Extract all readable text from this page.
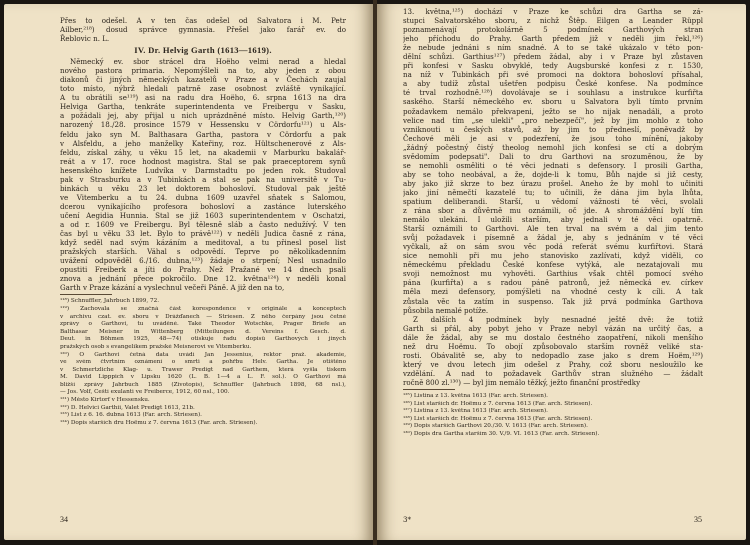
Přes to odešel. A v ten čas odešel od Salvatora i M. Petr
Ailber,²¹⁸) dosud správce gymnasia. Přešel jako farář ev. do
Řeblovic n. L.
IV. Dr. Helvig Garth (1613—1619).
Německý ev. sbor strácel dra Hoëho velmi nerad a hledal
nového pastora primaria. Nepomýšleli na to, aby jeden z obou
diakonů či jiných německých kazatelů v Praze a v Čechách zaujal
toto místo, nýbrž hledali patrně zase osobnost zvláště vynikající.
A tu obrátili se¹¹⁹) asi na radu dra Hoëho, 6. srpna 1613 na dra
Helviga Gartha, tenkráte superintendenta ve Freibergu v Sasku,
a požádali jej, aby přijal u nich uprázdněné místo. Helvig Garth,¹²⁰)
narozený 18./28. prosince 1579 v Hessensku v Cördorfu¹²¹) u Als-
feldu jako syn M. Balthasara Gartha, pastora v Cördorfu a pak
v Alsfeldu, a jeho manželky Kateřiny, roz. Hültschenerové z Als-
feldu, získal záhy, u věku 15 let, na akademii v Marburku bakalář-
reát a v 17. roce hodnost magistra. Stal se pak praeceptorem synů
hesenského knížete Ludvíka v Darmstadtu po jeden rok. Studoval
pak v Strasburku a v Tubinkách a stal se pak na universitě v Tu-
binkách u věku 23 let doktorem bohosloví. Studoval pak ještě
ve Vitemberku a tu 24. dubna 1609 uzavřel sňatek s Salomou,
dcerou vynikajícího profesora bohosloví a zastánce luterského
učení Aegidia Hunnia. Stal se již 1603 superintendentem v Oschatzi,
a od r. 1609 ve Freibergu. Byl tělesně sláb a často nedužívý. V ten
čas byl u věku 33 let. Bylo to právě¹²²) v neděli Judica časně z rána,
když seděl nad svým kázáním a meditoval, a tu přinesl posel list
pražských starších. Váhal s odpovědí. Teprve po několikadenním
uvážení odpověděl 6./16. dubna,¹²³) žádaje o strpení; Nesl usnadnilo
opustiti Freiberk a jíti do Prahy. Než Pražané ve 14 dnech psali
znova a jednání přece pokročilo. Dne 12. května¹²⁴) v neděli konal
Garth v Praze kázání a vyslechnul večeři Páně. A již den na to,
¹¹⁸) Schnuffler, Jahrbuch 1899, 72.
¹¹⁹) Zachovala se značná část korespondence v originále a konceptech
v archivu czat. ev. sboru v Drážďanech — Striesen. Z něho čerpány jsou četné
zprávy o Garthovi, tu uváděné. Také Theodor Wotschke, Prager Briefe an
Balthasar Meisner in Wittenberg (Mitteilungen d. Vereins f. Gesch. d.
Deut. in Böhmen 1925, 48—74) otiskuje řadu dopisů Garthových i jiných
pražských osob s evangelíkem pražské Meisnerovi ve Vitemberku.
¹²⁰) O Garthovi četná data uvádí Jan Jessenius, rektor praž. akademie,
ve svém čtvrtním oznámení o smrti a pohřbu Helv. Gartha. Je otištěno
v Schmertzliche Klag- u. Trawer Predigt nad Garthem, která vyšla tiskem
M. David Lipppich v Lipsku 1620 (L. B. 1—4 a L. F. sol.). O Garthovi má
bližší zprávy Jahrbuch 1885 (Životopis), Schnuffler (Jahrbuch 1898, 68 nsl.),
— Jos. Volf, Čeští exulanti ve Freiberce, 1912, 60 nsl., 100.
¹²¹) Město Kirtorf v Hessensku.
¹²²) D. Helvici Garthii, Valet Predigt 1613, 21b.
¹²³) List z 6. 16. dubna 1613 (Far. arch. Striesen).
¹²⁴) Dopis starších dru Hoëmu z 7. června 1613 (Far. arch. Striesen).
34
13. května,¹²⁵) dochází v Praze ke schůzi dra Gartha se zá-
stupci Salvatorského sboru, z nichž Štěp. Eilgen a Leander Rüppl
poznamenávají protokolárně 5 podmínek Garthových stran
jeho příchodu do Prahy. Garth předem již v neděli jim řekl,¹²⁶)
že nebude jednáni s ním snadné. A to se také ukázalo v této pon-
dělní schůzi. Garthius¹²⁷) předem žádal, aby i v Praze byl zůstaven
při konfesi v Sasku obvyklé, tedy Augsburské konfesi z r. 1530,
na níž v Tubinkách při své promoci na doktora bohosloví přísahal,
a aby tudíž zůstal ušetřen podpisu České konfese. Na podmínce
té trval rozhodně.¹²⁸) dovolávaje se i souhlasu a instrukce kurfiřta
saského. Starší německého ev. sboru u Salvatora byli tímto prvním
požadavkem nemálo překvapeni, ježto se ho nijak nenadáli, a proto
velice nad tím „se ulekli" „pro nebezpečí", jež by jim mohlo z toho
vzniknouti u českých stavů, až by jim to předneslí, poněvadž by
Čechové měli je asi v podezření, že jsou toho mínění, jakoby
„žádný počestný čistý theolog nemohl jich konfesi se ctí a dobrým
svědomím podepsati". Dali to dru Garthovi na srozuměnou, že by
se nemohli osměliti o té věci jednati s defensory. I prosili Gartha,
aby se toho neobával, a že, dojde-li k tomu, Bůh najde si již cesty,
aby jako již skrze to bez úrazu prošel. Aneho že by mohl to učiniti
jako jiní němečtí kazatelé tu; to učinili, že dána jim byla lhůta,
spatium deliberandi. Starší, u vědomí vážnosti té věci, svolali
z rána sbor a důvěrně mu oznámili, oč jde. A shromáždění bylí tím
nemálo ulekáni. I uložili starším, aby jednali v té věci opatrně.
Starší oznámili to Garthovi. Ale ten trval na svém a dal jim tento
svůj požadavek i písemně a žádal je, aby s jednáním v té věci
vyčkali, až on sám svou věc podá referát svému kurfiřtovi. Stará
sice nemohli při mu jeho stanovisko zazlívati, když viděli, co
německému překladu České konfese vytýká, ale nezatajovali mu
svoji nemožnost mu vyhověti. Garthius však chtěl pomocí svého
pána (kurfiřta) a s radou páně patronů, jež německá ev. církev
měla mezi defensory, pomýšleti na vhodné cesty k cíli. A tak
zůstala věc ta zatím in suspenso. Tak již prvá podmínka Garthova
působila nemalé potíže.
Z dalších 4 podmínek byly nesnadné ještě dvě: že totiž
Garth si přál, aby pobyt jeho v Praze nebyl vázán na určitý čas, a
dále že žádal, aby se mu dostalo čestného zaopatření, nikoli menšího
než dru Hoëmu. To obojí způsobovalo starším rovněž veliké sta-
rosti. Obávalitě se, aby to nedopadlo zase jako s drem Hoëm,¹²⁹)
který ve dvou letech jim odešel z Prahy, což sboru nesloužilo ke
vzdělání. A nad to požadavek Garthův stran služného — žádalt
ročně 800 zl.¹³⁰) — byl jim nemálo těžký, ježto finanční prostředky
¹²⁵) Listina z 13. května 1613 (Far. arch. Striesen).
¹²⁶) List starších dr. Hoëmu z 7. června 1613 (Far. arch. Striesen).
¹²⁷) Listina z 13. května 1613 (Far. arch. Striesen).
¹²⁸) List starších dr. Hoëmu z 7. června 1613 (Far. arch. Striesen).
¹²⁹) Dopis starších Garthovi 20./30. V. 1613 (Far. arch. Striesen).
¹³⁰) Dopis dra Gartha starším 30. V./9. VI. 1613 (Far. arch. Striesen).
3*	35
